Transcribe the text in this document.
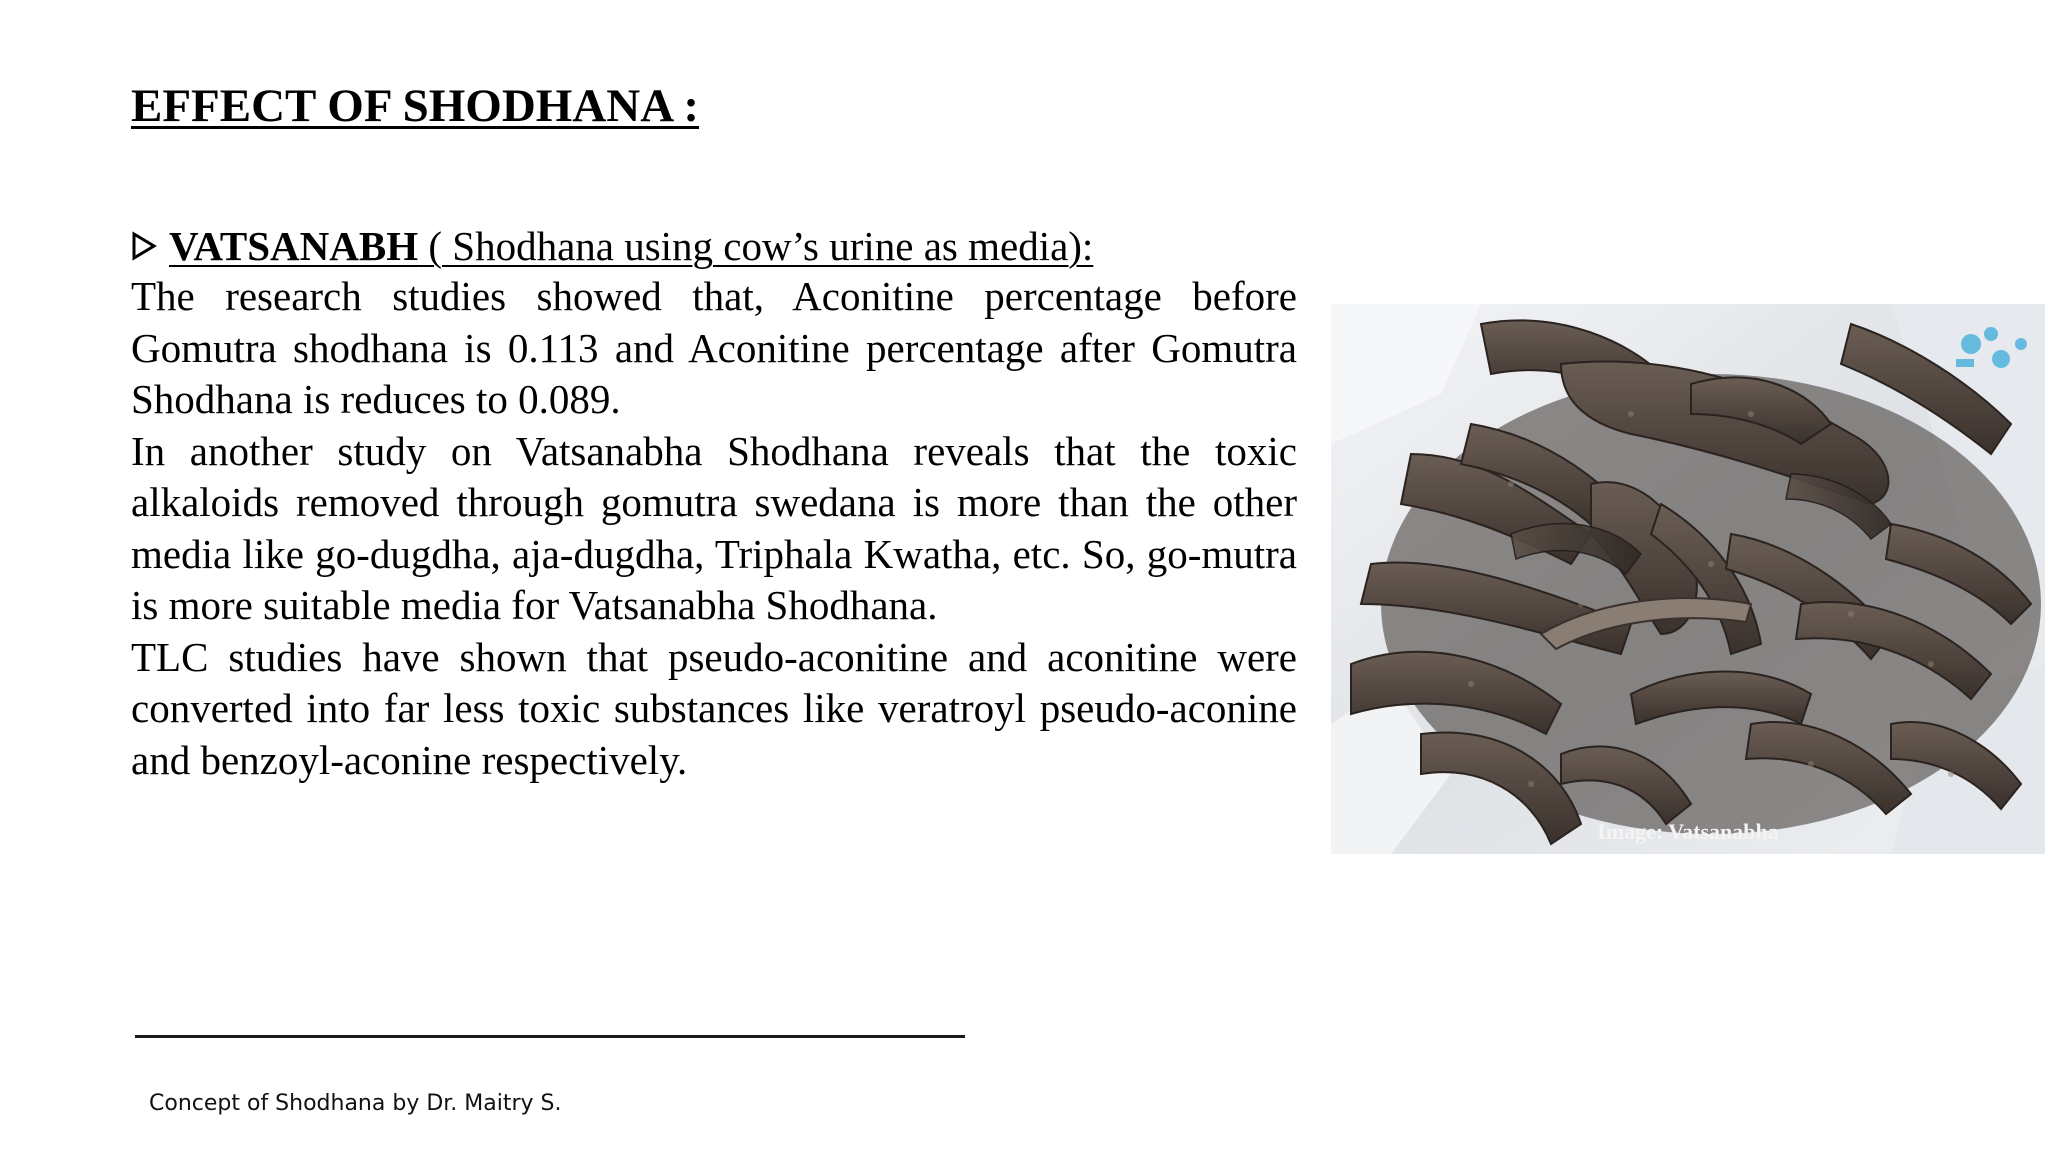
EFFECT OF SHODHANA :
VATSANABH ( Shodhana using cow’s urine as media):

The research studies showed that, Aconitine percentage before Gomutra shodhana is 0.113 and Aconitine percentage after Gomutra Shodhana is reduces to 0.089.

In another study on Vatsanabha Shodhana reveals that the toxic alkaloids removed through gomutra swedana is more than the other media like go-dugdha, aja-dugdha, Triphala Kwatha, etc. So, go-mutra is more suitable media for Vatsanabha Shodhana.

TLC studies have shown that pseudo-aconitine and aconitine were converted into far less toxic substances like veratroyl pseudo-aconine and benzoyl-aconine respectively.

Image: Vatsanabha
Concept of Shodhana by Dr. Maitry S.
